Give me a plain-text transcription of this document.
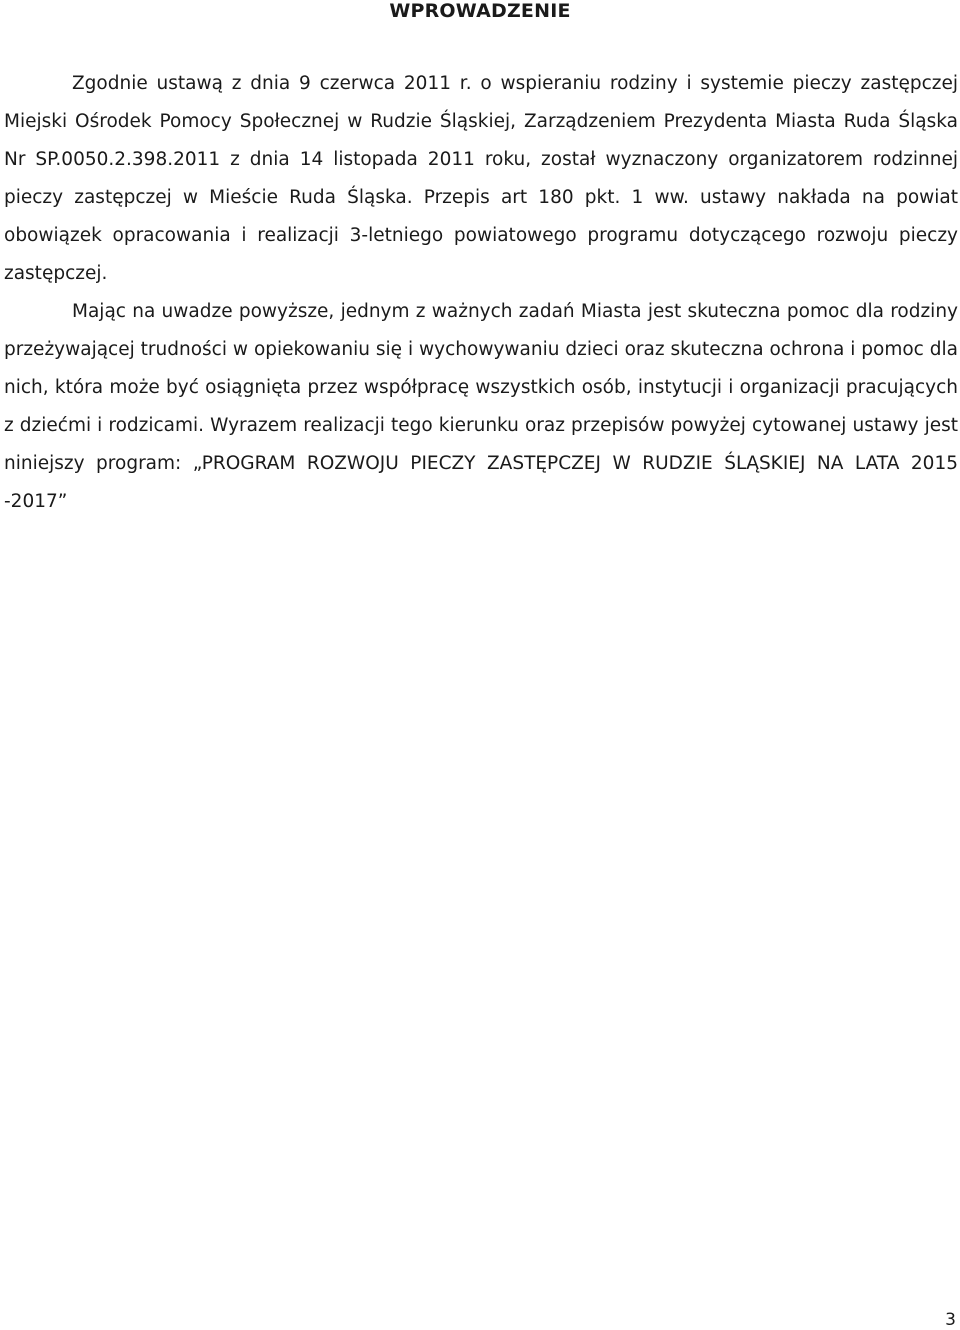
WPROWADZENIE

Zgodnie ustawą z dnia 9 czerwca 2011 r. o wspieraniu rodziny i systemie pieczy zastępczej Miejski Ośrodek Pomocy Społecznej w Rudzie Śląskiej, Zarządzeniem Prezydenta Miasta Ruda Śląska Nr SP.0050.2.398.2011 z dnia 14 listopada 2011 roku, został wyznaczony organizatorem rodzinnej pieczy zastępczej w Mieście Ruda Śląska. Przepis art 180 pkt. 1 ww. ustawy nakłada na powiat obowiązek opracowania i realizacji 3-letniego powiatowego programu dotyczącego rozwoju pieczy zastępczej.

Mając na uwadze powyższe, jednym z ważnych zadań Miasta jest skuteczna pomoc dla rodziny przeżywającej trudności w opiekowaniu się i wychowywaniu dzieci oraz skuteczna ochrona i pomoc dla nich, która może być osiągnięta przez współpracę wszystkich osób, instytucji i organizacji pracujących z dziećmi i rodzicami. Wyrazem realizacji tego kierunku oraz przepisów powyżej cytowanej ustawy jest niniejszy program: „PROGRAM ROZWOJU PIECZY ZASTĘPCZEJ W RUDZIE ŚLĄSKIEJ NA LATA 2015 -2017”

3
